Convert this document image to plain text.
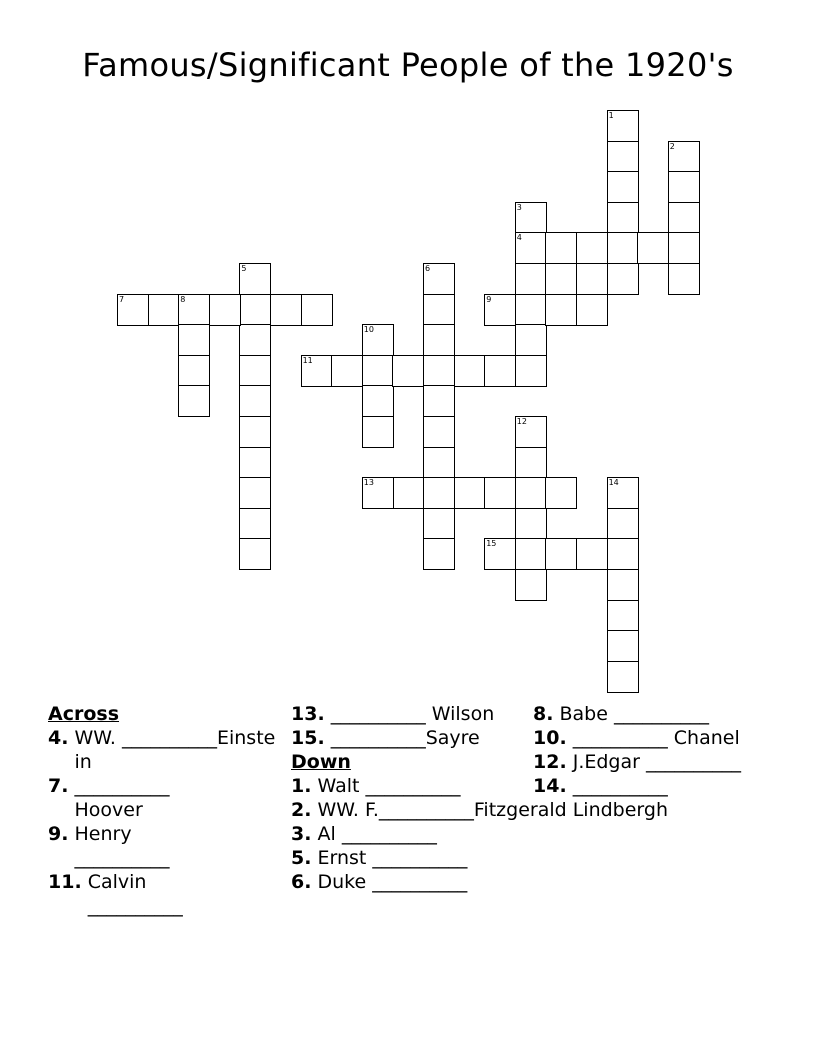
Famous/Significant People of the 1920's
1
2
3
4
5	6
7	8	9
10
11
12
14
15
13
Across
4. WW. __________Einstein
7. __________ Hoover
9. Henry __________
11. Calvin __________
13. __________ Wilson
15. __________Sayre
Down
1. Walt __________
2. WW. F.__________Fitzgerald
3. Al __________
5. Ernst __________
6. Duke __________
8. Babe __________
10. __________ Chanel
12. J.Edgar __________
14. __________ Lindbergh
